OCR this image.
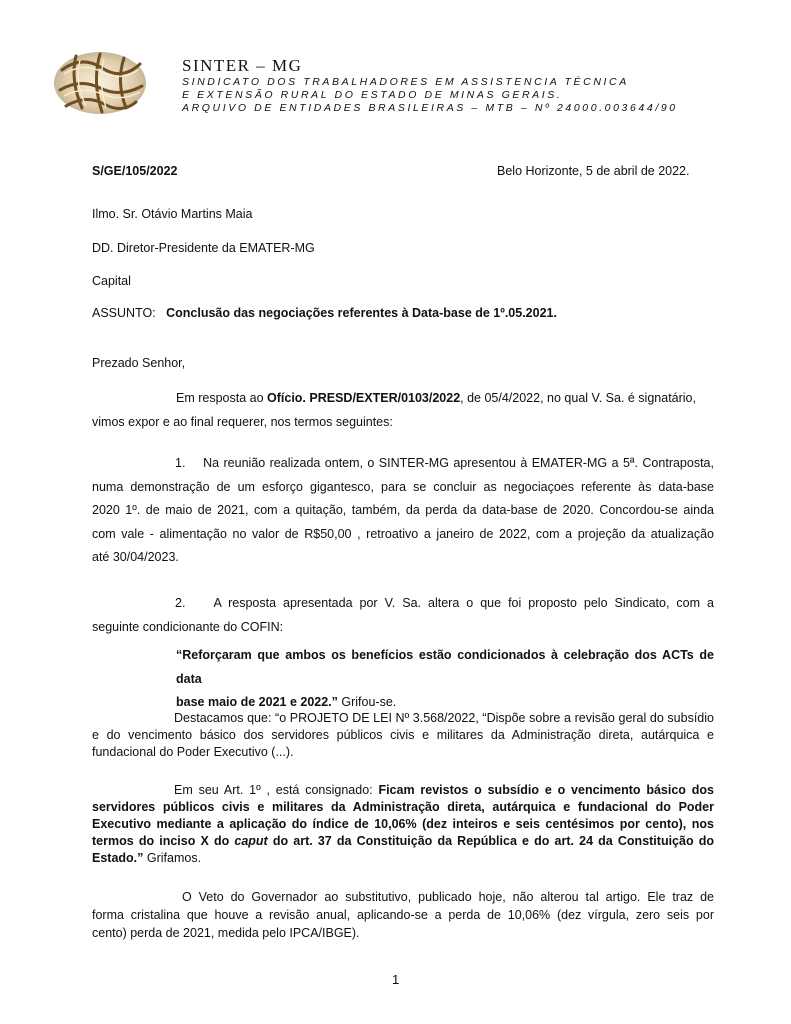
SINTER – MG
SINDICATO DOS TRABALHADORES EM ASSISTENCIA TÉCNICA
E EXTENSÃO RURAL DO ESTADO DE MINAS GERAIS.
ARQUIVO DE ENTIDADES BRASILEIRAS – MTB – Nº 24000.003644/90
S/GE/105/2022	Belo Horizonte, 5 de abril de 2022.
Ilmo. Sr. Otávio Martins Maia
DD. Diretor-Presidente da EMATER-MG
Capital
ASSUNTO: Conclusão das negociações referentes à Data-base de 1º.05.2021.
Prezado Senhor,
Em resposta ao Ofício. PRESD/EXTER/0103/2022, de 05/4/2022, no qual V. Sa. é signatário,
vimos expor e ao final requerer, nos termos seguintes:
1. Na reunião realizada ontem, o SINTER-MG apresentou à EMATER-MG a 5ª. Contraposta,
numa demonstração de um esforço gigantesco, para se concluir as negociaçoes referente às data-base
2020 1º. de maio de 2021, com a quitação, também, da perda da data-base de 2020. Concordou-se ainda
com vale - alimentação no valor de R$50,00 , retroativo a janeiro de 2022, com a projeção da atualização
até 30/04/2023.
2. A resposta apresentada por V. Sa. altera o que foi proposto pelo Sindicato, com a
seguinte condicionante do COFIN:
“Reforçaram que ambos os benefícios estão condicionados à celebração dos ACTs de data
base maio de 2021 e 2022.” Grifou-se.
Destacamos que: “o PROJETO DE LEI Nº 3.568/2022, “Dispõe sobre a revisão geral do subsídio
e do vencimento básico dos servidores públicos civis e militares da Administração direta, autárquica e
fundacional do Poder Executivo (...).
Em seu Art. 1º , está consignado: Ficam revistos o subsídio e o vencimento básico dos
servidores públicos civis e militares da Administração direta, autárquica e fundacional do Poder
Executivo mediante a aplicação do índice de 10,06% (dez inteiros e seis centésimos por cento), nos
termos do inciso X do caput do art. 37 da Constituição da República e do art. 24 da Constituição do
Estado.” Grifamos.
O Veto do Governador ao substitutivo, publicado hoje, não alterou tal artigo. Ele traz de
forma cristalina que houve a revisão anual, aplicando-se a perda de 10,06% (dez vírgula, zero seis por
cento) perda de 2021, medida pelo IPCA/IBGE).
1
